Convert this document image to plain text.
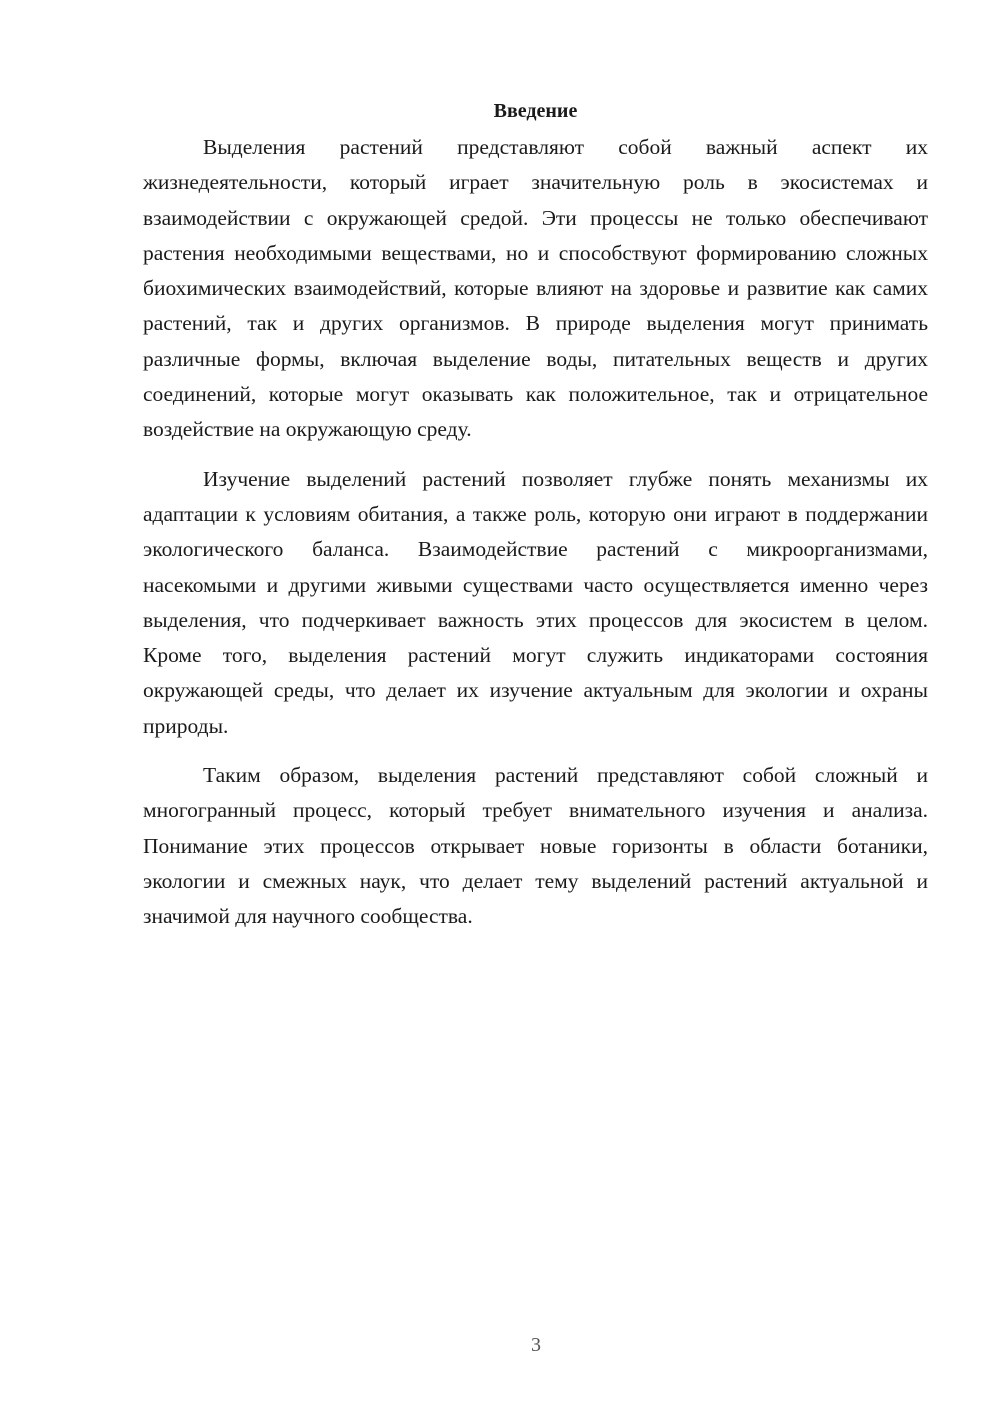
Введение

Выделения растений представляют собой важный аспект их жизнедеятельности, который играет значительную роль в экосистемах и взаимодействии с окружающей средой. Эти процессы не только обеспечивают растения необходимыми веществами, но и способствуют формированию сложных биохимических взаимодействий, которые влияют на здоровье и развитие как самих растений, так и других организмов. В природе выделения могут принимать различные формы, включая выделение воды, питательных веществ и других соединений, которые могут оказывать как положительное, так и отрицательное воздействие на окружающую среду.

Изучение выделений растений позволяет глубже понять механизмы их адаптации к условиям обитания, а также роль, которую они играют в поддержании экологического баланса. Взаимодействие растений с микроорганизмами, насекомыми и другими живыми существами часто осуществляется именно через выделения, что подчеркивает важность этих процессов для экосистем в целом. Кроме того, выделения растений могут служить индикаторами состояния окружающей среды, что делает их изучение актуальным для экологии и охраны природы.

Таким образом, выделения растений представляют собой сложный и многогранный процесс, который требует внимательного изучения и анализа. Понимание этих процессов открывает новые горизонты в области ботаники, экологии и смежных наук, что делает тему выделений растений актуальной и значимой для научного сообщества.

3
